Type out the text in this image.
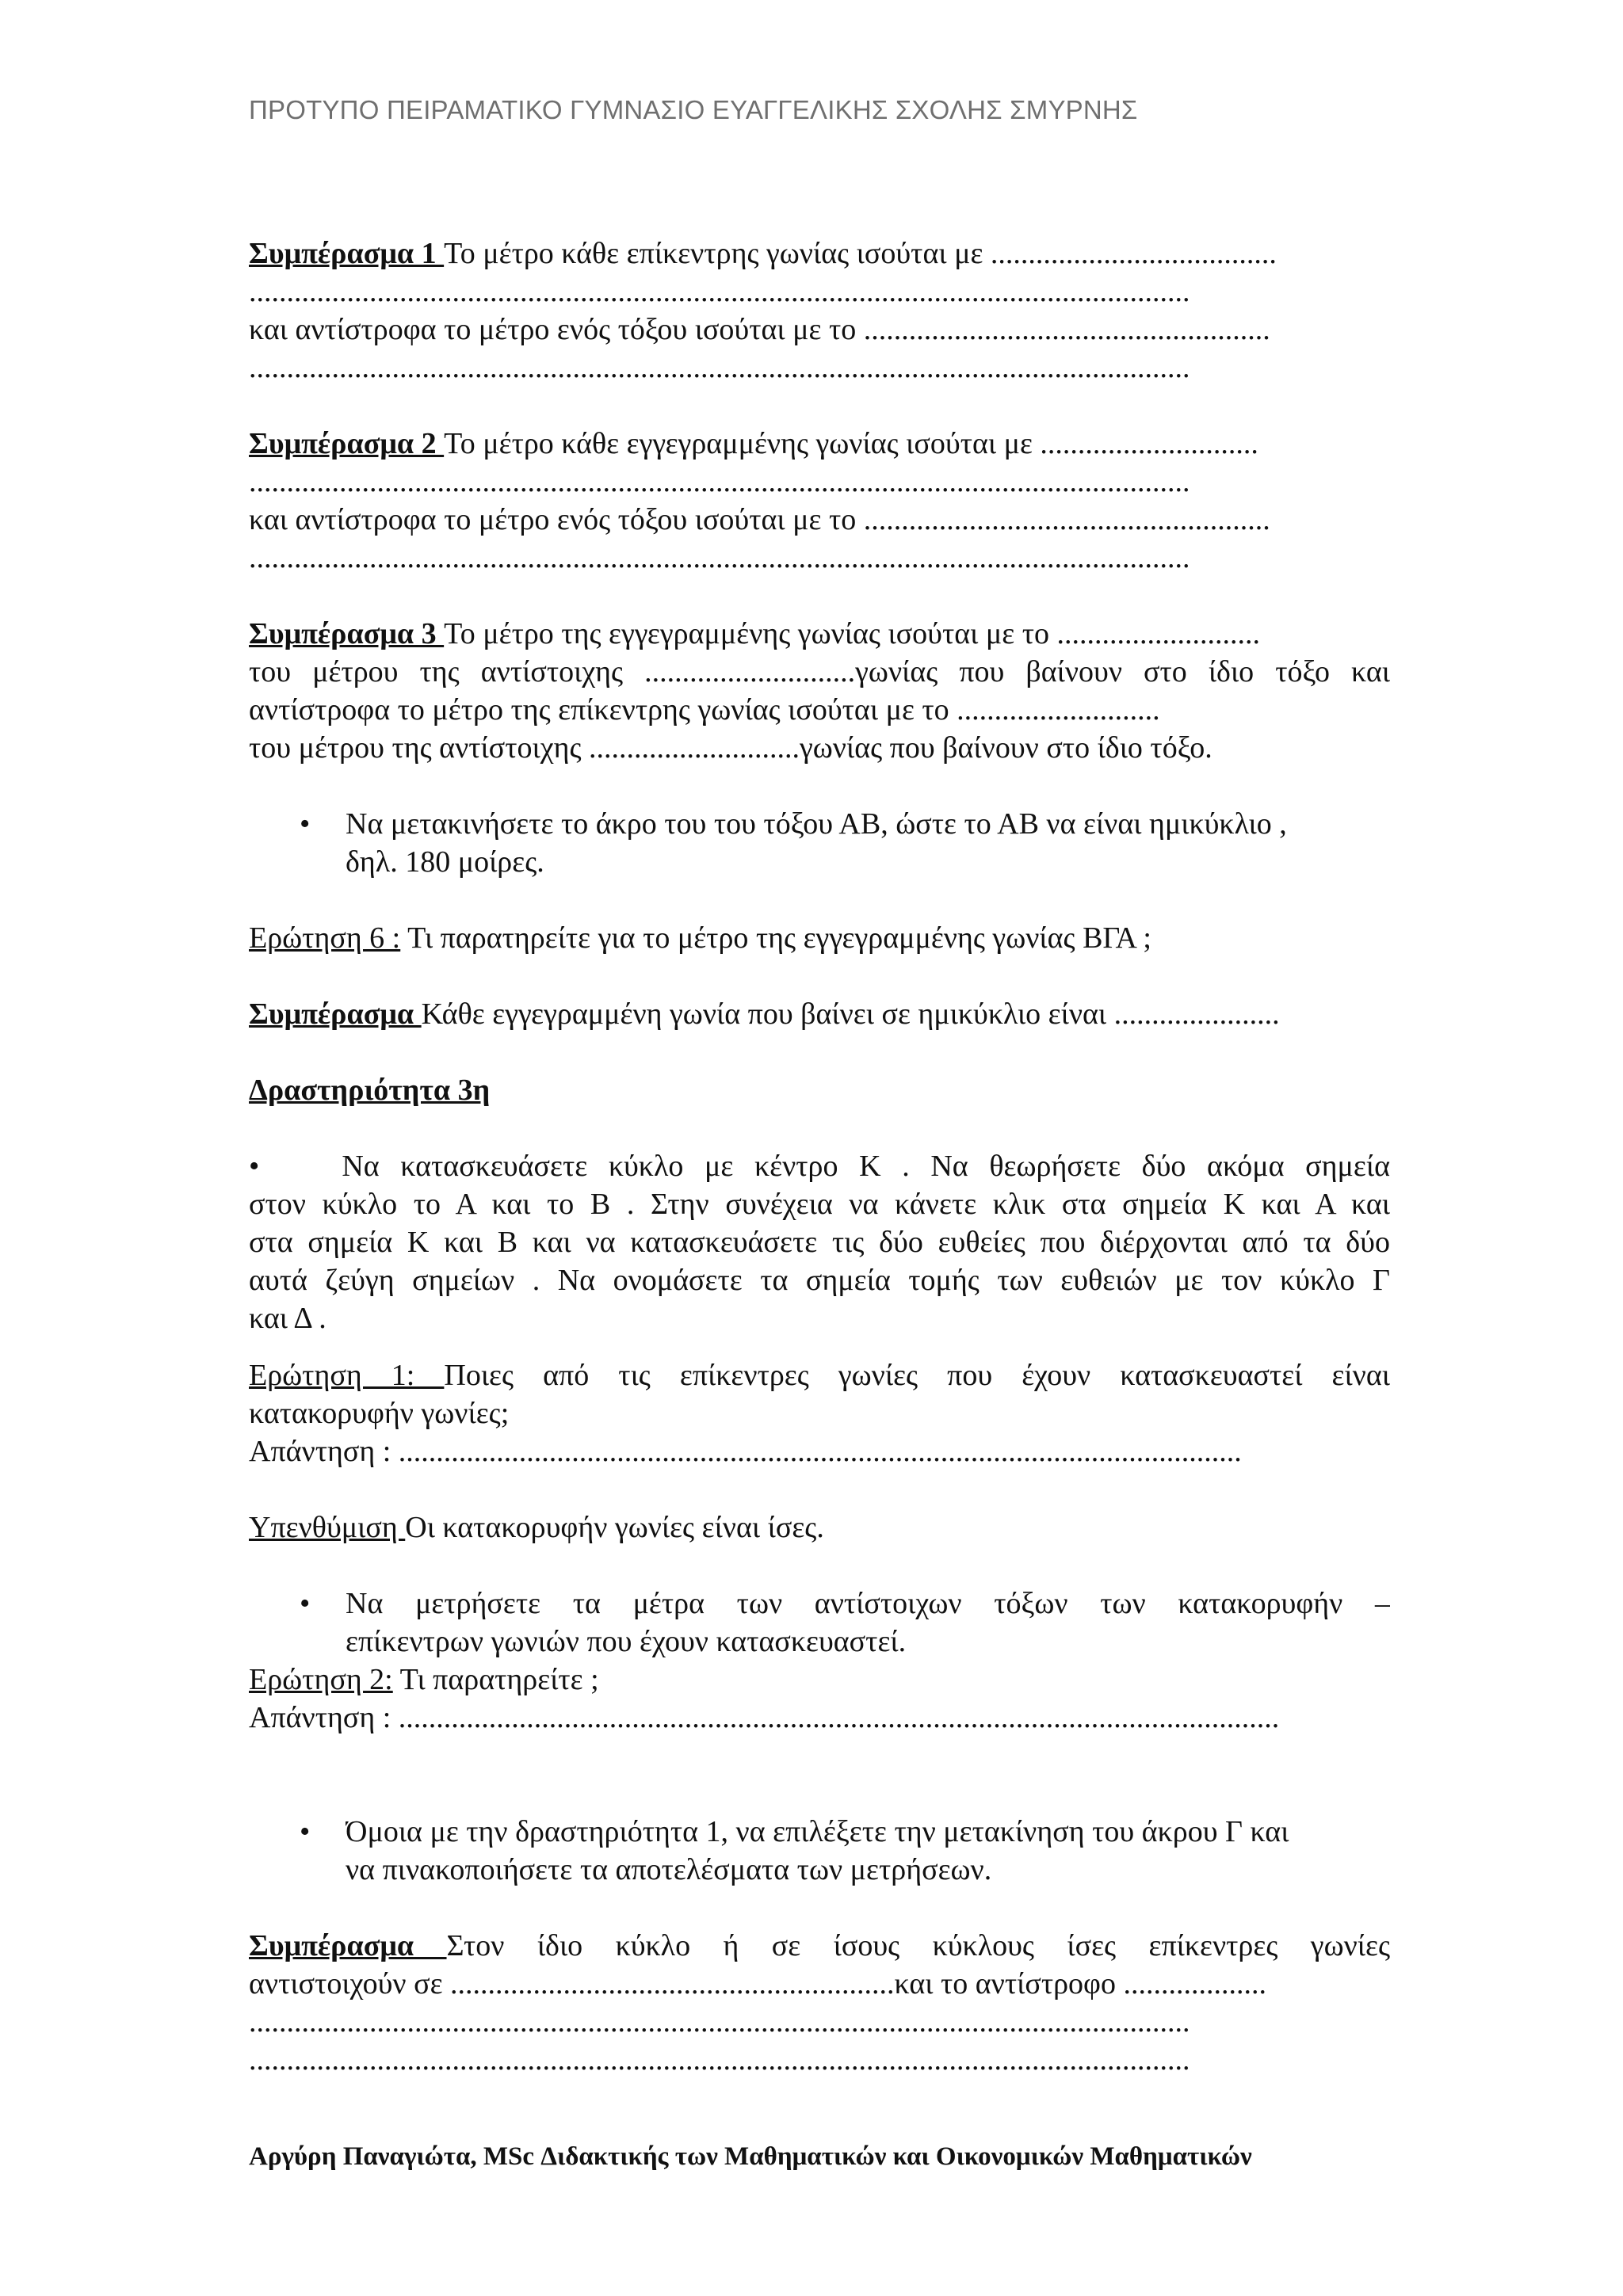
ΠΡΟΤΥΠΟ ΠΕΙΡΑΜΑΤΙΚΟ ΓΥΜΝΑΣΙΟ ΕΥΑΓΓΕΛΙΚΗΣ ΣΧΟΛΗΣ ΣΜΥΡΝΗΣ
Συμπέρασμα 1 Το μέτρο κάθε επίκεντρης γωνίας ισούται με ......................................
.............................................................................................................................
και αντίστροφα το μέτρο ενός τόξου ισούται με το ......................................................
.............................................................................................................................
Συμπέρασμα 2 Το μέτρο κάθε εγγεγραμμένης γωνίας ισούται με .............................
.............................................................................................................................
και αντίστροφα το μέτρο ενός τόξου ισούται με το ......................................................
.............................................................................................................................
Συμπέρασμα 3 Το μέτρο της εγγεγραμμένης γωνίας ισούται με το ...........................
του μέτρου της αντίστοιχης ............................γωνίας που βαίνουν στο ίδιο τόξο και
αντίστροφα το μέτρο της επίκεντρης γωνίας ισούται με το ...........................
του μέτρου της αντίστοιχης ............................γωνίας που βαίνουν στο ίδιο τόξο.
• Να μετακινήσετε το άκρο του του τόξου ΑΒ, ώστε το ΑΒ να είναι ημικύκλιο ,
δηλ. 180 μοίρες.
Ερώτηση 6 : Τι παρατηρείτε για το μέτρο της εγγεγραμμένης γωνίας ΒΓΑ ;
Συμπέρασμα Κάθε εγγεγραμμένη γωνία που βαίνει σε ημικύκλιο είναι ......................
Δραστηριότητα 3η
•	Να κατασκευάσετε κύκλο με κέντρο Κ . Να θεωρήσετε δύο ακόμα σημεία
στον κύκλο το Α και το Β . Στην συνέχεια να κάνετε κλικ στα σημεία Κ και Α και
στα σημεία Κ και Β και να κατασκευάσετε τις δύο ευθείες που διέρχονται από τα δύο
αυτά ζεύγη σημείων . Να ονομάσετε τα σημεία τομής των ευθειών με τον κύκλο Γ
και Δ .
Ερώτηση 1: Ποιες από τις επίκεντρες γωνίες που έχουν κατασκευαστεί είναι
κατακορυφήν γωνίες;
Απάντηση : ................................................................................................................
Υπενθύμιση Οι κατακορυφήν γωνίες είναι ίσες.
• Να μετρήσετε τα μέτρα των αντίστοιχων τόξων των κατακορυφήν –
επίκεντρων γωνιών που έχουν κατασκευαστεί.
Ερώτηση 2: Τι παρατηρείτε ;
Απάντηση : .....................................................................................................................
• Όμοια με την δραστηριότητα 1, να επιλέξετε την μετακίνηση του άκρου Γ και
να πινακοποιήσετε τα αποτελέσματα των μετρήσεων.
Συμπέρασμα Στον ίδιο κύκλο ή σε ίσους κύκλους ίσες επίκεντρες γωνίες
αντιστοιχούν σε ...........................................................και το αντίστροφο ...................
.............................................................................................................................
.............................................................................................................................
Αργύρη Παναγιώτα, MSc Διδακτικής των Μαθηματικών και Οικονομικών Μαθηματικών
